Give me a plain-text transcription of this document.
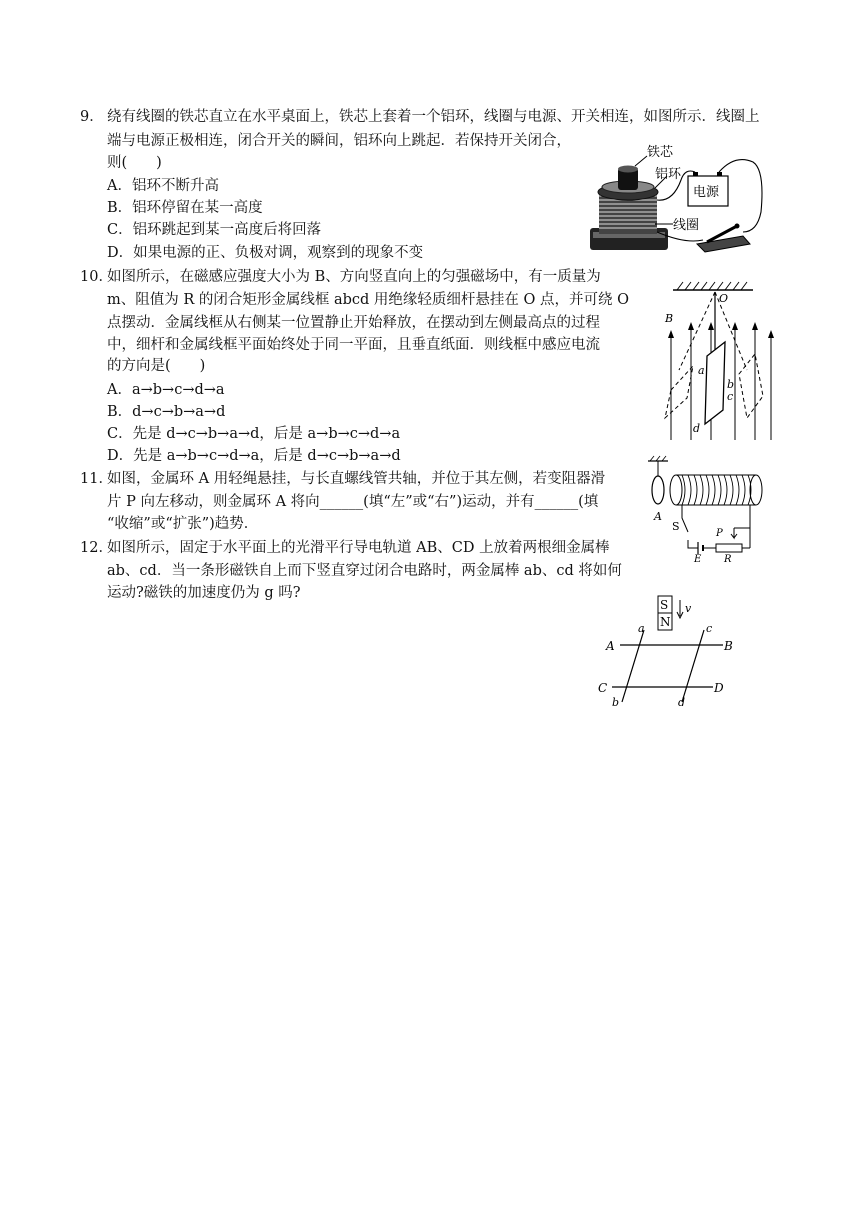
9． 绕有线圈的铁芯直立在水平桌面上，铁芯上套着一个铝环，线圈与电源、开关相连，如图所示．线圈上
端与电源正极相连，闭合开关的瞬间，铝环向上跳起．若保持开关闭合，
则(　　)
A．铝环不断升高
B．铝环停留在某一高度
C．铝环跳起到某一高度后将回落
D．如果电源的正、负极对调，观察到的现象不变
铁芯
铝环
线圈
电源
10．
如图所示，在磁感应强度大小为 B、方向竖直向上的匀强磁场中，有一质量为
m、阻值为 R 的闭合矩形金属线框 abcd 用绝缘轻质细杆悬挂在 O 点，并可绕 O
点摆动．金属线框从右侧某一位置静止开始释放，在摆动到左侧最高点的过程
中，细杆和金属线框平面始终处于同一平面，且垂直纸面．则线框中感应电流
的方向是(　　)
A．a→b→c→d→a
B．d→c→b→a→d
C．先是 d→c→b→a→d，后是 a→b→c→d→a
D．先是 a→b→c→d→a，后是 d→c→b→a→d
O
B
a
b
c
d
11．
如图，金属环 A 用轻绳悬挂，与长直螺线管共轴，并位于其左侧，若变阻器滑
片 P 向左移动，则金属环 A 将向______(填“左”或“右”)运动，并有______(填
“收缩”或“扩张”)趋势．	A
S
E R
P
12．
如图所示，固定于水平面上的光滑平行导电轨道 AB、CD 上放着两根细金属棒
ab、cd．当一条形磁铁自上而下竖直穿过闭合电路时，两金属棒 ab、cd 将如何
运动?磁铁的加速度仍为 g 吗?
S
N
v
A	B
C	D
a
b
c
d
